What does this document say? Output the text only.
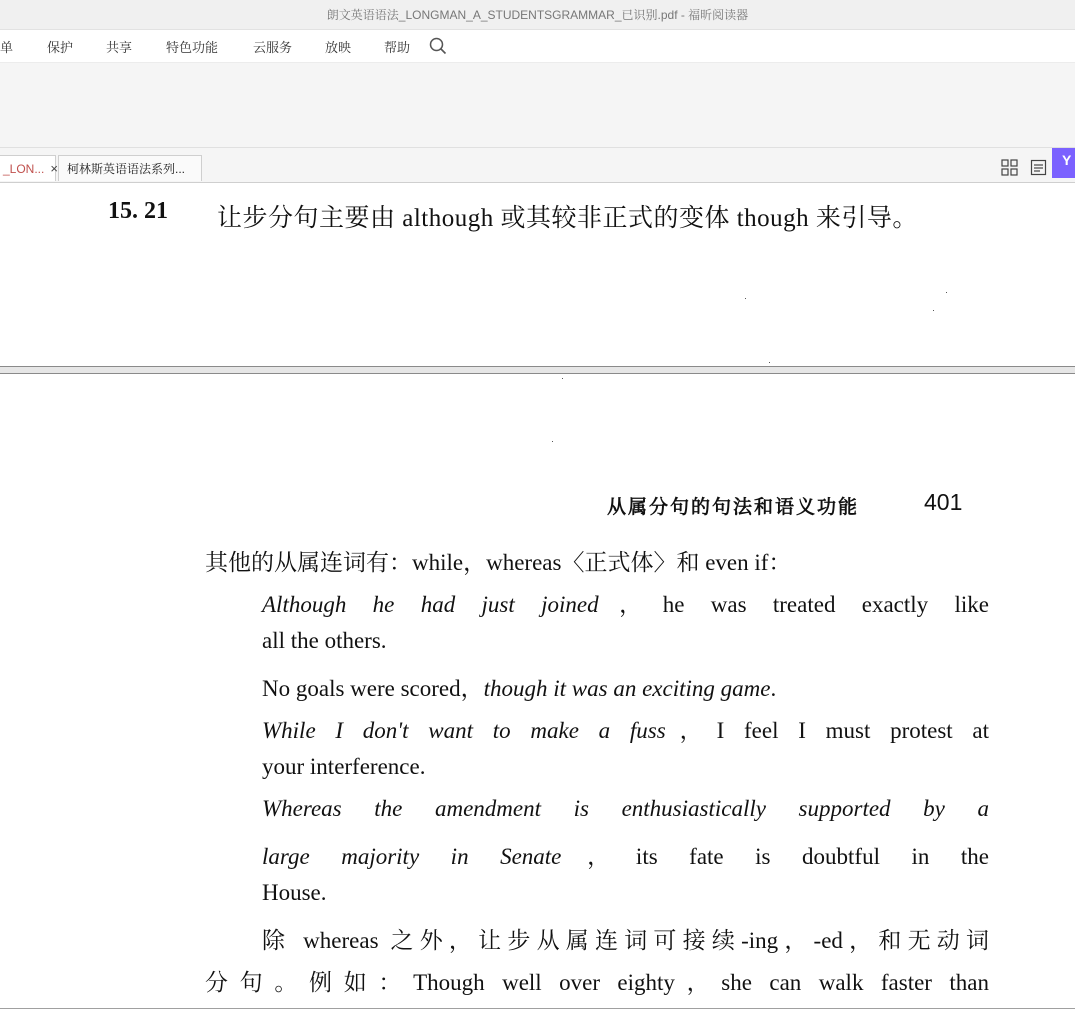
朗文英语语法_LONGMAN_A_STUDENTSGRAMMAR_已识别.pdf - 福昕阅读器
单	保护	共享	特色功能	云服务	放映	帮助
_LON... × 柯林斯英语语法系列...
Y
15. 21 让步分句主要由 although 或其较非正式的变体 though 来引导。
从属分句的句法和语义功能	401
其他的从属连词有：while，whereas〈正式体〉和 even if：
Although he had just joined，he was treated exactly like
all the others.
No goals were scored，though it was an exciting game.
While I don't want to make a fuss，I feel I must protest at
your interference.
Whereas the amendment is enthusiastically supported by a
large majority in Senate，its fate is doubtful in the
House.
除 whereas 之外，让步从属连词可接续-ing，-ed，和无动词
分句。例如：Though well over eighty，she can walk faster than
